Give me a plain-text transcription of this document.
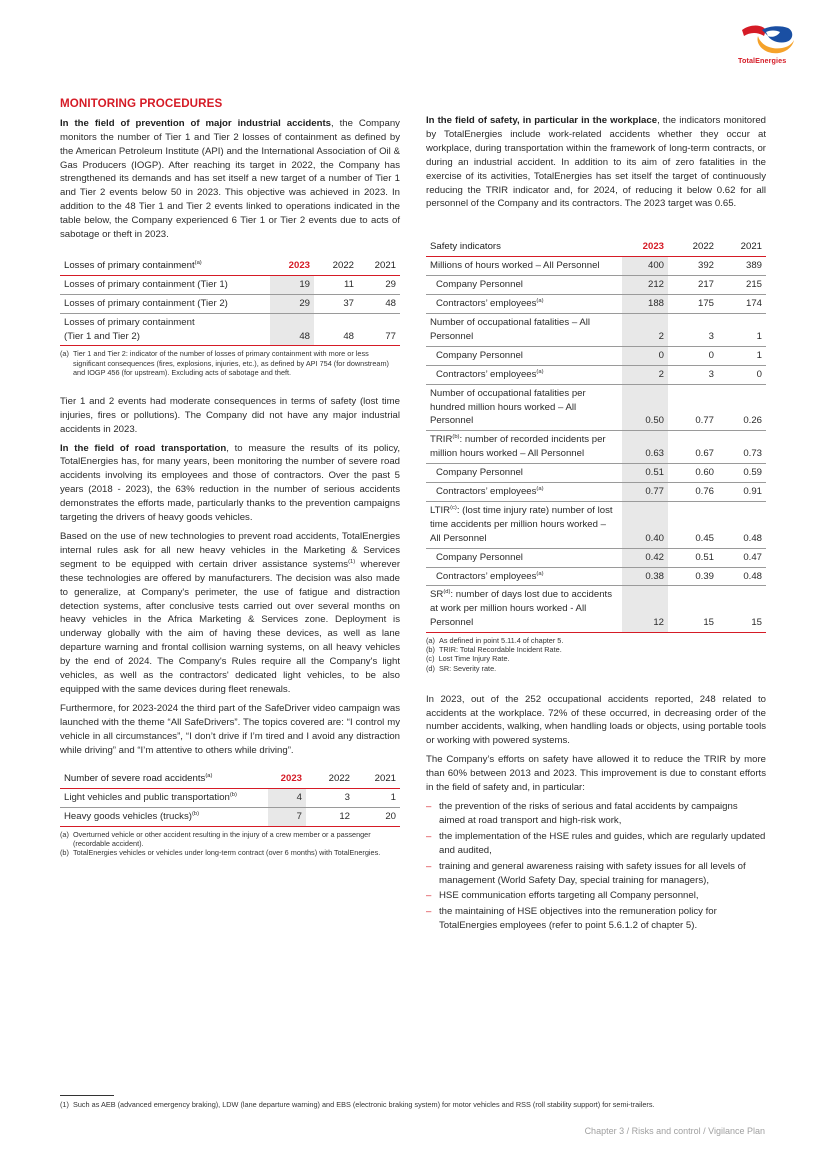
TotalEnergies
MONITORING PROCEDURES

In the field of prevention of major industrial accidents, the Company monitors the number of Tier 1 and Tier 2 losses of containment as defined by the American Petroleum Institute (API) and the International Association of Oil & Gas Producers (IOGP). After reaching its target in 2022, the Company has strengthened its demands and has set itself a new target of a number of Tier 1 and Tier 2 events below 50 in 2023. This objective was achieved in 2023. In addition to the 48 Tier 1 and Tier 2 events linked to operations indicated in the table below, the Company experienced 6 Tier 1 or Tier 2 events due to acts of sabotage or theft in 2023.

Losses of primary containment$^{(a)}$	2023	2022	2021
Losses of primary containment (Tier 1)	19	11	29
Losses of primary containment (Tier 2)	29	37	48
Losses of primary containment
(Tier 1 and Tier 2)	48	48	77
(a)  Tier 1 and Tier 2: indicator of the number of losses of primary containment with more or less significant consequences (fires, explosions, injuries, etc.), as defined by API 754 (for downstream) and IOGP 456 (for upstream). Excluding acts of sabotage and theft.

Tier 1 and 2 events had moderate consequences in terms of safety (lost time injuries, fires or pollutions). The Company did not have any major industrial accidents in 2023.

In the field of road transportation, to measure the results of its policy, TotalEnergies has, for many years, been monitoring the number of severe road accidents involving its employees and those of contractors. Over the past 5 years (2018 - 2023), the 63% reduction in the number of serious accidents demonstrates the efforts made, particularly thanks to the prevention campaigns targeting the drivers of heavy goods vehicles.

Based on the use of new technologies to prevent road accidents, TotalEnergies internal rules ask for all new heavy vehicles in the Marketing & Services segment to be equipped with certain driver assistance systems$^{(1)}$ wherever these technologies are offered by manufacturers. The decision was also made to generalize, at Company's perimeter, the use of fatigue and distraction detection systems, after conclusive tests carried out over several months on heavy vehicles in the Africa Marketing & Services zone. Deployment is underway globally with the aim of having these devices, as well as lane departure warning and frontal collision warning systems, on all heavy vehicles by the end of 2024. The Company's Rules require all the Company's light vehicles, as well as the contractors' dedicated light vehicles, to be also equipped with the same devices during fleet renewals.

Furthermore, for 2023-2024 the third part of the SafeDriver video campaign was launched with the theme “All SafeDrivers”. The topics covered are: “I control my vehicle in all circumstances”, “I don’t drive if I’m tired and I avoid any distraction while driving” and “I’m attentive to others while driving”.

Number of severe road accidents$^{(a)}$	2023	2022	2021
Light vehicles and public transportation$^{(b)}$	4	3	1
Heavy goods vehicles (trucks)$^{(b)}$	7	12	20
(a)  Overturned vehicle or other accident resulting in the injury of a crew member or a passenger (recordable accident).
(b)  TotalEnergies vehicles or vehicles under long-term contract (over 6 months) with TotalEnergies.

In the field of safety, in particular in the workplace, the indicators monitored by TotalEnergies include work-related accidents whether they occur at workplace, during transportation within the framework of long-term contracts, or during an industrial accident. In addition to its aim of zero fatalities in the exercise of its activities, TotalEnergies has set itself the target of continuously reducing the TRIR indicator and, for 2024, of reducing it below 0.62 for all personnel of the Company and its contractors. The 2023 target was 0.65.

Safety indicators	2023	2022	2021
Millions of hours worked – All Personnel	400	392	389
Company Personnel	212	217	215
Contractors’ employees$^{(a)}$	188	175	174
Number of occupational fatalities – All Personnel	2	3	1
Company Personnel	0	0	1
Contractors’ employees$^{(a)}$	2	3	0
Number of occupational fatalities per hundred million hours worked – All Personnel	0.50	0.77	0.26
TRIR$^{(b)}$: number of recorded incidents per million hours worked – All Personnel	0.63	0.67	0.73
Company Personnel	0.51	0.60	0.59
Contractors’ employees$^{(a)}$	0.77	0.76	0.91
LTIR$^{(c)}$: (lost time injury rate) number of lost time accidents per million hours worked – All Personnel	0.40	0.45	0.48
Company Personnel	0.42	0.51	0.47
Contractors’ employees$^{(a)}$	0.38	0.39	0.48
SR$^{(d)}$: number of days lost due to accidents at work per million hours worked - All Personnel	12	15	15
(a)  As defined in point 5.11.4 of chapter 5.
(b)  TRIR: Total Recordable Incident Rate.
(c)  Lost Time Injury Rate.
(d)  SR: Severity rate.

In 2023, out of the 252 occupational accidents reported, 248 related to accidents at the workplace. 72% of these occurred, in decreasing order of the number accidents, walking, when handling loads or objects, using portable tools or working with powered systems.

The Company’s efforts on safety have allowed it to reduce the TRIR by more than 60% between 2013 and 2023. This improvement is due to constant efforts in the field of safety and, in particular:

– the prevention of the risks of serious and fatal accidents by campaigns aimed at road transport and high-risk work,
– the implementation of the HSE rules and guides, which are regularly updated and audited,
– training and general awareness raising with safety issues for all levels of management (World Safety Day, special training for managers),
– HSE communication efforts targeting all Company personnel,
– the maintaining of HSE objectives into the remuneration policy for TotalEnergies employees (refer to point 5.6.1.2 of chapter 5).
(1)  Such as AEB (advanced emergency braking), LDW (lane departure warning) and EBS (electronic braking system) for motor vehicles and RSS (roll stability support) for semi-trailers.
Chapter 3 / Risks and control / Vigilance Plan
